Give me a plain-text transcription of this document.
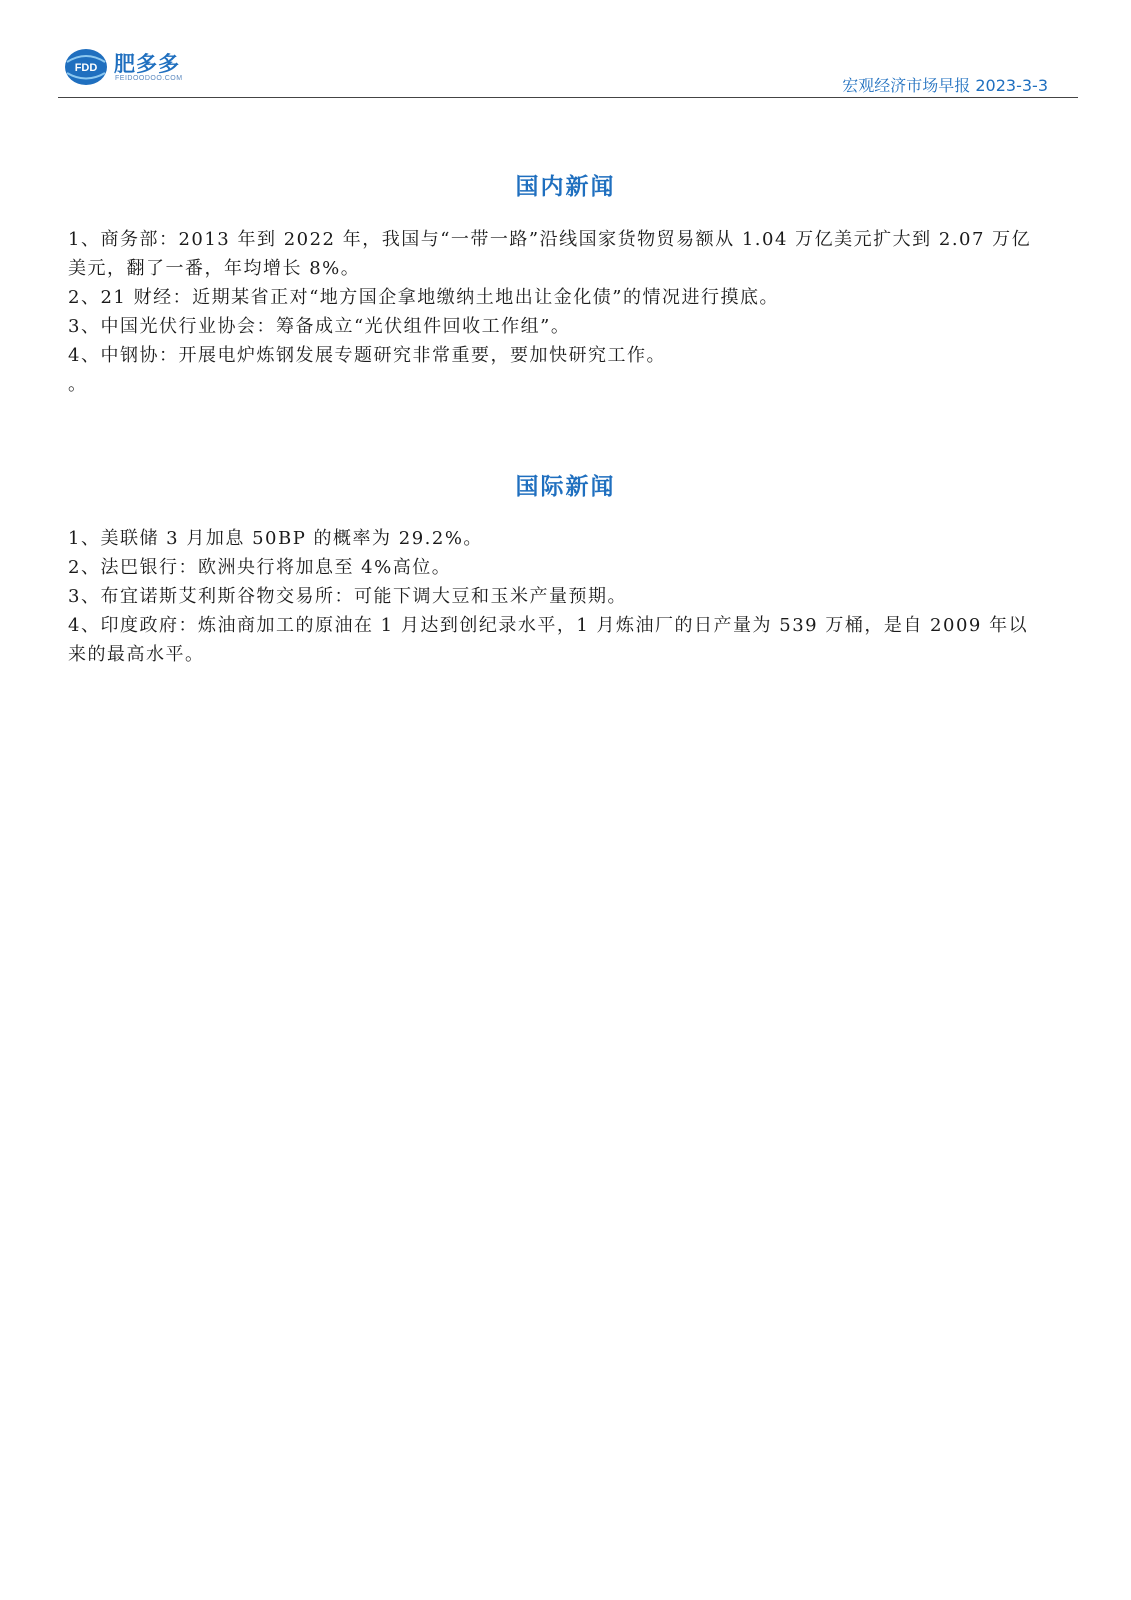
FDD 肥多多
FEIDOODOO.COM	宏观经济市场早报 2023-3-3
国内新闻
1、商务部：2013 年到 2022 年，我国与“一带一路”沿线国家货物贸易额从 1.04 万亿美元扩大到 2.07 万亿美元，翻了一番，年均增长 8%。
2、21 财经：近期某省正对“地方国企拿地缴纳土地出让金化债”的情况进行摸底。
3、中国光伏行业协会：筹备成立“光伏组件回收工作组”。
4、中钢协：开展电炉炼钢发展专题研究非常重要，要加快研究工作。
。
国际新闻
1、美联储 3 月加息 50BP 的概率为 29.2%。
2、法巴银行：欧洲央行将加息至 4%高位。
3、布宜诺斯艾利斯谷物交易所：可能下调大豆和玉米产量预期。
4、印度政府：炼油商加工的原油在 1 月达到创纪录水平，1 月炼油厂的日产量为 539 万桶，是自 2009 年以来的最高水平。
